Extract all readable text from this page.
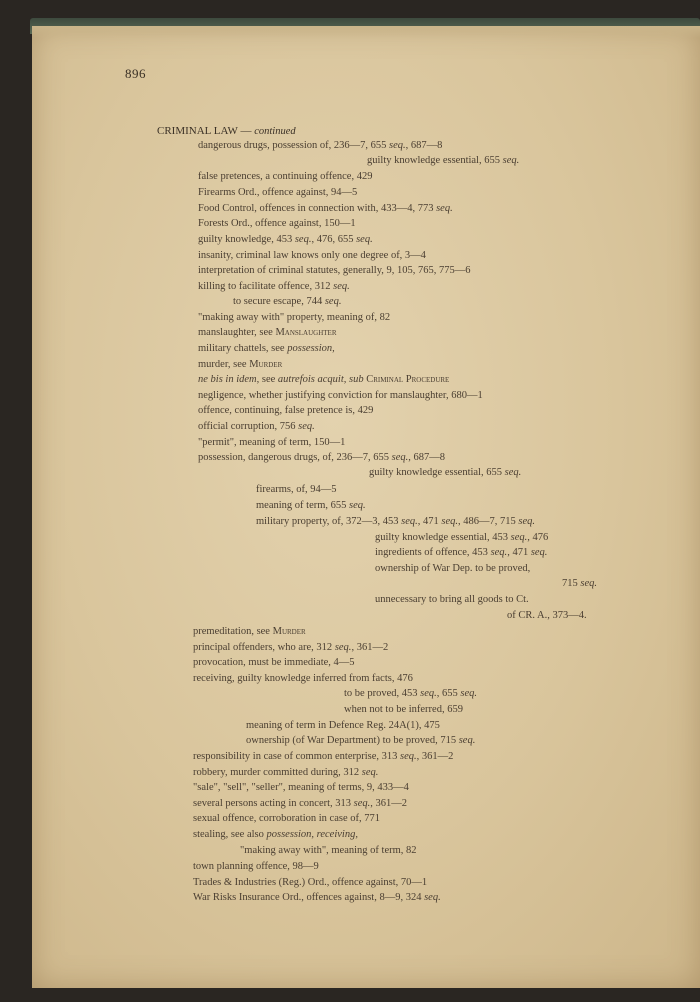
896
CRIMINAL LAW — continued
dangerous drugs, possession of, 236—7, 655 seq., 687—8
guilty knowledge essential, 655 seq.
false pretences, a continuing offence, 429
Firearms Ord., offence against, 94—5
Food Control, offences in connection with, 433—4, 773 seq.
Forests Ord., offence against, 150—1
guilty knowledge, 453 seq., 476, 655 seq.
insanity, criminal law knows only one degree of, 3—4
interpretation of criminal statutes, generally, 9, 105, 765, 775—6
killing to facilitate offence, 312 seq.
to secure escape, 744 seq.
"making away with" property, meaning of, 82
manslaughter, see Manslaughter
military chattels, see possession,
murder, see Murder
ne bis in idem, see autrefois acquit, sub Criminal Procedure
negligence, whether justifying conviction for manslaughter, 680—1
offence, continuing, false pretence is, 429
official corruption, 756 seq.
"permit", meaning of term, 150—1
possession, dangerous drugs, of, 236—7, 655 seq., 687—8
guilty knowledge essential, 655 seq.
firearms, of, 94—5
meaning of term, 655 seq.
military property, of, 372—3, 453 seq., 471 seq., 486—7, 715 seq.
guilty knowledge essential, 453 seq., 476
ingredients of offence, 453 seq., 471 seq.
ownership of War Dep. to be proved,
715 seq.
unnecessary to bring all goods to Ct.
of CR. A., 373—4.
premeditation, see Murder
principal offenders, who are, 312 seq., 361—2
provocation, must be immediate, 4—5
receiving, guilty knowledge inferred from facts, 476
to be proved, 453 seq., 655 seq.
when not to be inferred, 659
meaning of term in Defence Reg. 24A(1), 475
ownership (of War Department) to be proved, 715 seq.
responsibility in case of common enterprise, 313 seq., 361—2
robbery, murder committed during, 312 seq.
"sale", "sell", "seller", meaning of terms, 9, 433—4
several persons acting in concert, 313 seq., 361—2
sexual offence, corroboration in case of, 771
stealing, see also possession, receiving,
"making away with", meaning of term, 82
town planning offence, 98—9
Trades & Industries (Reg.) Ord., offence against, 70—1
War Risks Insurance Ord., offences against, 8—9, 324 seq.
